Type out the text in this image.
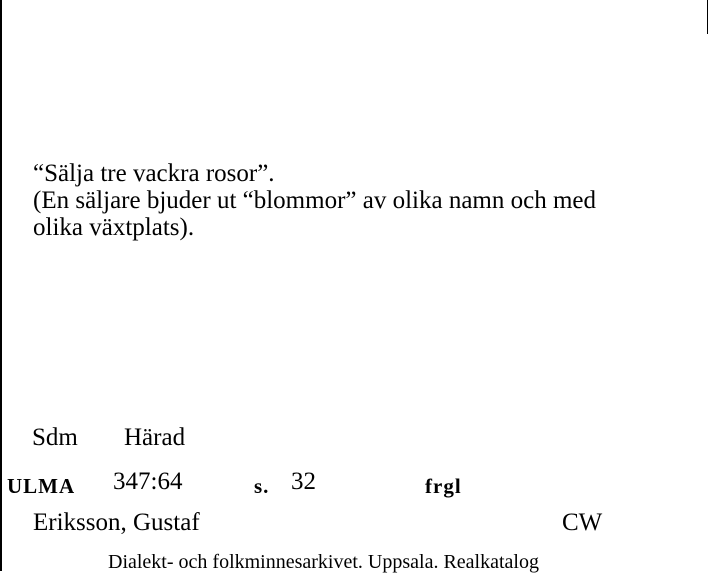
“Sälja tre vackra rosor”.
(En säljare bjuder ut “blommor” av olika namn och med
olika växtplats).
Sdm Härad
ULMA 347:64	s. 32	frgl
Eriksson, Gustaf	CW
Dialekt- och folkminnesarkivet. Uppsala. Realkatalog
